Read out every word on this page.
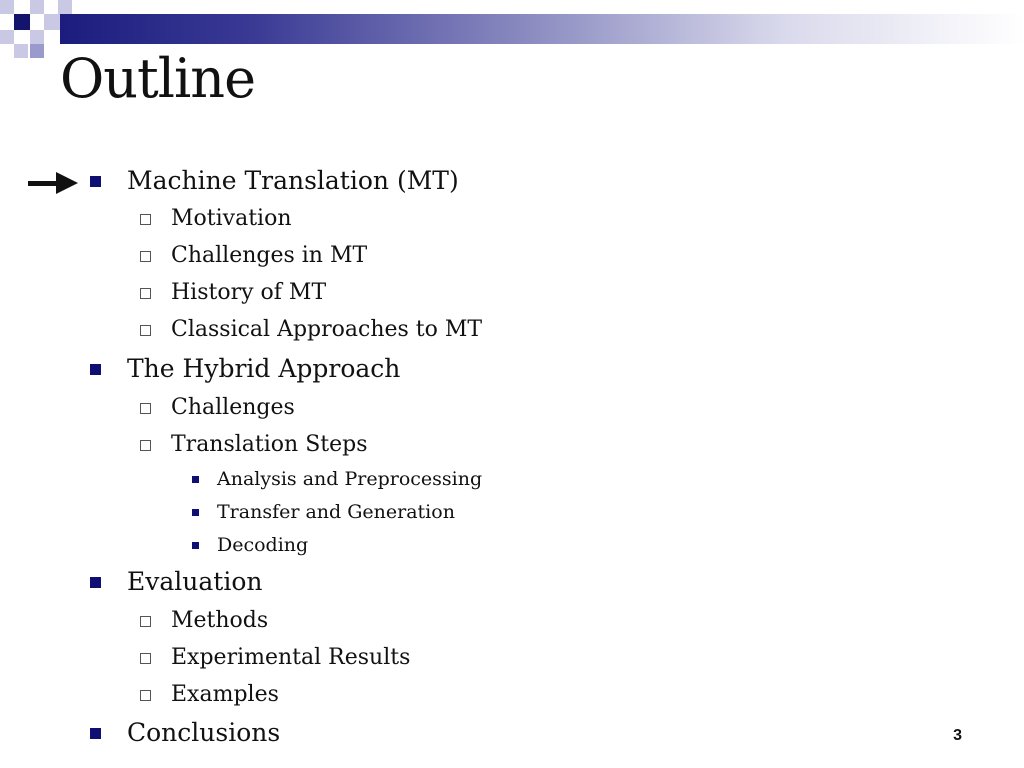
Outline
Machine Translation (MT)
Motivation
Challenges in MT
History of MT
Classical Approaches to MT
The Hybrid Approach
Challenges
Translation Steps
Analysis and Preprocessing
Transfer and Generation
Decoding
Evaluation
Methods
Experimental Results
Examples
Conclusions	3
